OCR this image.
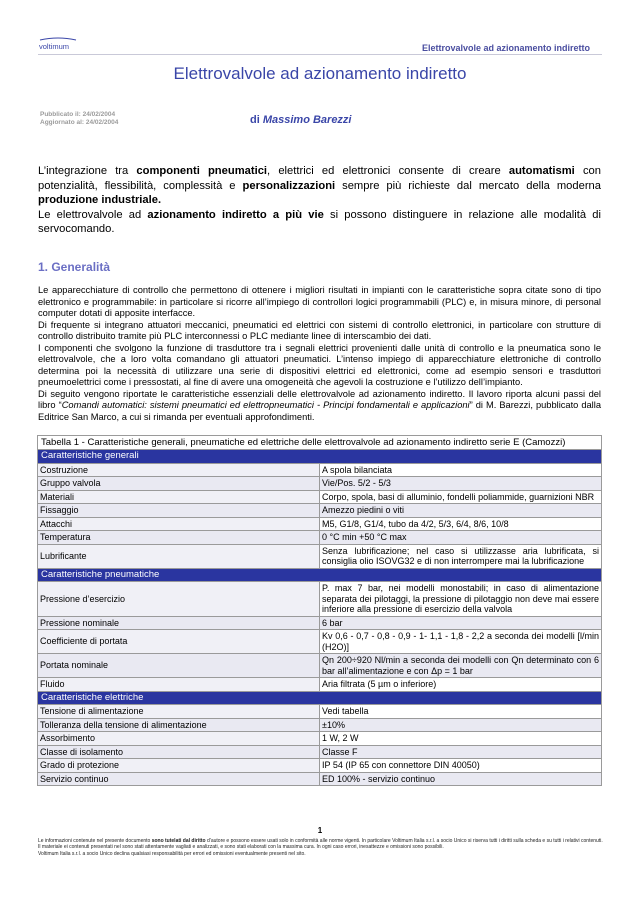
voltimum	Elettrovalvole ad azionamento indiretto
Elettrovalvole ad azionamento indiretto
Pubblicato il: 24/02/2004
Aggiornato al: 24/02/2004	di Massimo Barezzi

L’integrazione tra componenti pneumatici, elettrici ed elettronici consente di creare automatismi con potenzialità, flessibilità, complessità e personalizzazioni sempre più richieste dal mercato della moderna produzione industriale.

Le elettrovalvole ad azionamento indiretto a più vie si possono distinguere in relazione alle modalità di servocomando.

1. Generalità

Le apparecchiature di controllo che permettono di ottenere i migliori risultati in impianti con le caratteristiche sopra citate sono di tipo elettronico e programmabile: in particolare si ricorre all’impiego di controllori logici programmabili (PLC) e, in misura minore, di personal computer dotati di apposite interfacce.

Di frequente si integrano attuatori meccanici, pneumatici ed elettrici con sistemi di controllo elettronici, in particolare con strutture di controllo distribuito tramite più PLC interconnessi o PLC mediante linee di interscambio dei dati.

I componenti che svolgono la funzione di trasduttore tra i segnali elettrici provenienti dalle unità di controllo e la pneumatica sono le elettrovalvole, che a loro volta comandano gli attuatori pneumatici. L’intenso impiego di apparecchiature elettroniche di controllo determina poi la necessità di utilizzare una serie di dispositivi elettrici ed elettronici, come ad esempio sensori e trasduttori pneumoelettrici come i pressostati, al fine di avere una omogeneità che agevoli la costruzione e l’utilizzo dell’impianto.

Di seguito vengono riportate le caratteristiche essenziali delle elettrovalvole ad azionamento indiretto. Il lavoro riporta alcuni passi del libro “Comandi automatici: sistemi pneumatici ed elettropneumatici - Principi fondamentali e applicazioni” di M. Barezzi, pubblicato dalla Editrice San Marco, a cui si rimanda per eventuali approfondimenti.

Tabella 1 - Caratteristiche generali, pneumatiche ed elettriche delle elettrovalvole ad azionamento indiretto serie E (Camozzi)	
Caratteristiche generali	
Costruzione	A spola bilanciata
Gruppo valvola	Vie/Pos. 5/2 - 5/3
Materiali	Corpo, spola, basi di alluminio, fondelli poliammide, guarnizioni NBR
Fissaggio	Amezzo piedini o viti
Attacchi	M5, G1/8, G1/4, tubo da 4/2, 5/3, 6/4, 8/6, 10/8
Temperatura	0 °C min +50 °C max
Lubrificante	Senza lubrificazione; nel caso si utilizzasse aria lubrificata, si consiglia olio ISOVG32 e di non interrompere mai la lubrificazione
Caratteristiche pneumatiche	
Pressione d’esercizio	P. max 7 bar, nei modelli monostabili; in caso di alimentazione separata dei pilotaggi, la pressione di pilotaggio non deve mai essere inferiore alla pressione di esercizio della valvola
Pressione nominale	6 bar
Coefficiente di portata	Kv 0,6 - 0,7 - 0,8 - 0,9 - 1- 1,1 - 1,8 - 2,2 a seconda dei modelli [l/min (H2O)]
Portata nominale	Qn 200÷920 Nl/min a seconda dei modelli con Qn determinato con 6 bar all’alimentazione e con Δp = 1 bar
Fluido	Aria filtrata (5 µm o inferiore)
Caratteristiche elettriche	
Tensione di alimentazione	Vedi tabella
Tolleranza della tensione di alimentazione	±10%
Assorbimento	1 W, 2 W
Classe di isolamento	Classe F
Grado di protezione	IP 54 (IP 65 con connettore DIN 40050)
Servizio continuo	ED 100% - servizio continuo
1
Le informazioni contenute nel presente documento sono tutelati dal diritto d’autore e possono essere usati solo in conformità alle norme vigenti. In particolare Voltimum Italia s.r.l. a socio Unico si riserva tutti i diritti sulla scheda e su tutti i relativi contenuti.
Il materiale ei contenuti presentati nel sono stati attentamente vagliati e analizzati, e sono stati elaborati con la massima cura. In ogni caso errori, inesattezze e omissioni sono possibili.
Voltimum Italia s.r.l. a socio Unico declina qualsiasi responsabilità per errori ed omissioni eventualmente presenti nel sito.
